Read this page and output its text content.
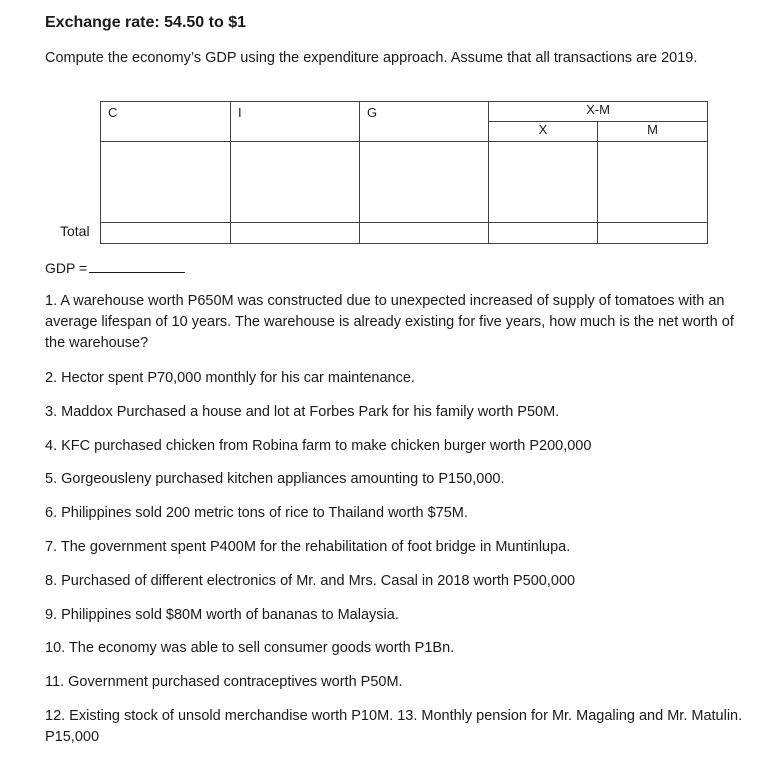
Exchange rate: 54.50 to $1
Compute the economy’s GDP using the expenditure approach. Assume that all transactions are 2019.
C	I	G	X-M	
			X	M

Total
GDP =
1. A warehouse worth P650M was constructed due to unexpected increased of supply of tomatoes with an average lifespan of 10 years. The warehouse is already existing for five years, how much is the net worth of the warehouse?
2. Hector spent P70,000 monthly for his car maintenance.
3. Maddox Purchased a house and lot at Forbes Park for his family worth P50M.
4. KFC purchased chicken from Robina farm to make chicken burger worth P200,000
5. Gorgeousleny purchased kitchen appliances amounting to P150,000.
6. Philippines sold 200 metric tons of rice to Thailand worth $75M.
7. The government spent P400M for the rehabilitation of foot bridge in Muntinlupa.
8. Purchased of different electronics of Mr. and Mrs. Casal in 2018 worth P500,000
9. Philippines sold $80M worth of bananas to Malaysia.
10. The economy was able to sell consumer goods worth P1Bn.
11. Government purchased contraceptives worth P50M.
12. Existing stock of unsold merchandise worth P10M. 13. Monthly pension for Mr. Magaling and Mr. Matulin. P15,000
